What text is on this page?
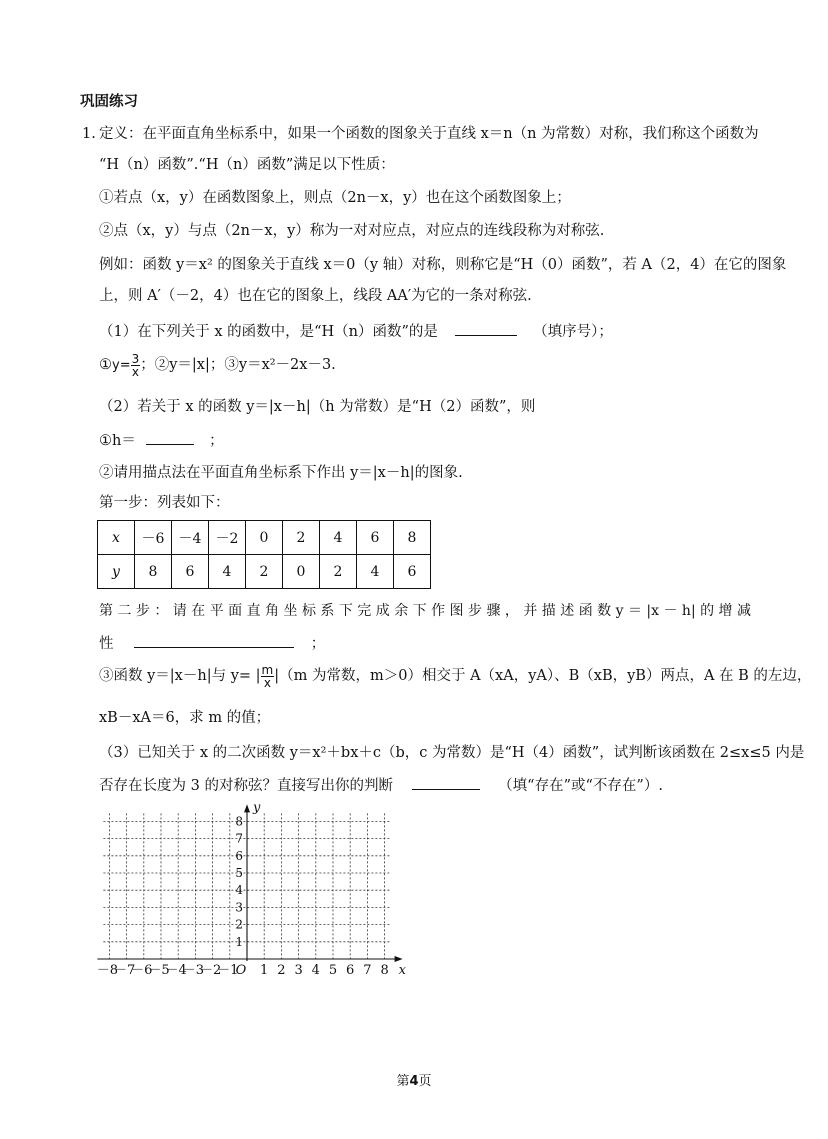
巩固练习
1. 定义：在平面直角坐标系中，如果一个函数的图象关于直线 x＝n（n 为常数）对称，我们称这个函数为
“H（n）函数”.“H（n）函数”满足以下性质：
①若点（x，y）在函数图象上，则点（2n－x，y）也在这个函数图象上；
②点（x，y）与点（2n－x，y）称为一对对应点，对应点的连线段称为对称弦.
例如：函数 y＝x² 的图象关于直线 x＝0（y 轴）对称，则称它是“H（0）函数”，若 A（2，4）在它的图象
上，则 A′（－2，4）也在它的图象上，线段 AA′为它的一条对称弦.
（1）在下列关于 x 的函数中，是“H（n）函数”的是	（填序号）；
①y= $\frac{3}{x}$ ；②y＝|x|；③y＝x²－2x－3.
（2）若关于 x 的函数 y＝|x－h|（h 为常数）是“H（2）函数”，则
①h＝	；
②请用描点法在平面直角坐标系下作出 y＝|x－h|的图象.
第一步：列表如下：
x	－6	－4	－2	0	2	4	6	8
y	8	6	4	2	0	2	4	6
第 二 步 ： 请 在 平 面 直 角 坐 标 系 下 完 成 余 下 作 图 步 骤 ， 并 描 述 函 数 y ＝ |x － h| 的 增 减
性	；
③函数 y＝|x－h|与 y= | $\frac{m}{x} |(m$ 为常数，m＞0）相交于 A（xA，yA）、B（xB，yB）两点，A 在 B 的左边，
xB－xA＝6，求 m 的值；
（3）已知关于 x 的二次函数 y＝x²＋bx＋c（b，c 为常数）是“H（4）函数”，试判断该函数在 2≤x≤5 内是
否存在长度为 3 的对称弦？直接写出你的判断	（填“存在”或“不存在”）.
－8
－7
－6
－5
－4
－3
－2
－1 1 2 3 4 5 6 7 8
1
2
3
4
5
6
7
8
O	x
y
第4页
